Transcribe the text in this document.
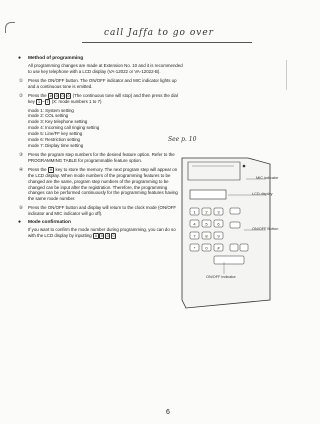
call Jaffa to go over
● Method of programming

All programming changes are made at Extension No. 10 and it is recommended to use key telephone with a LCD display (VA-12022 or VA-12022-B).

① Press the ON/OFF button. The ON/OFF indicator and MIC indicator lights up and a continuous tone is emitted.

② Press the # 0 0 0 (The continuous tone will stop) and then press the dial key 1 ~ 7 (X: mode numbers 1 to 7)

mode 1: System setting
mode 2: COL setting
mode 3: Key telephone setting
mode 4: Incoming call ringing setting
mode 5: Line/FF key setting
mode 6: Restriction setting
mode 7: Display time setting
③ Press the program step numbers for the desired feature option. Refer to the PROGRAMMING TABLE for programmable feature option.

④ Press the H key to store the memory. The next program step will appear on the LCD display. When mode numbers of the programming features to be changed are the same, program step numbers of the programming to be changed can be input after the registration. Therefore, the programming changes can be performed continuously for the programming features having the same mode number.

⑤ Press the ON/OFF button and display will return to the clock mode (ON/OFF indicator and MIC indicator will go off).

● Mode confirmation

If you want to confirm the mode number during programming, you can do so with the LCD display by inputting # 0 0 0

See p. 10
1 2 3
4 5 6
7 8 9
*	0 #
MIC indicator
LCD display
ON/OFF Button
ON/OFF indicator
6
